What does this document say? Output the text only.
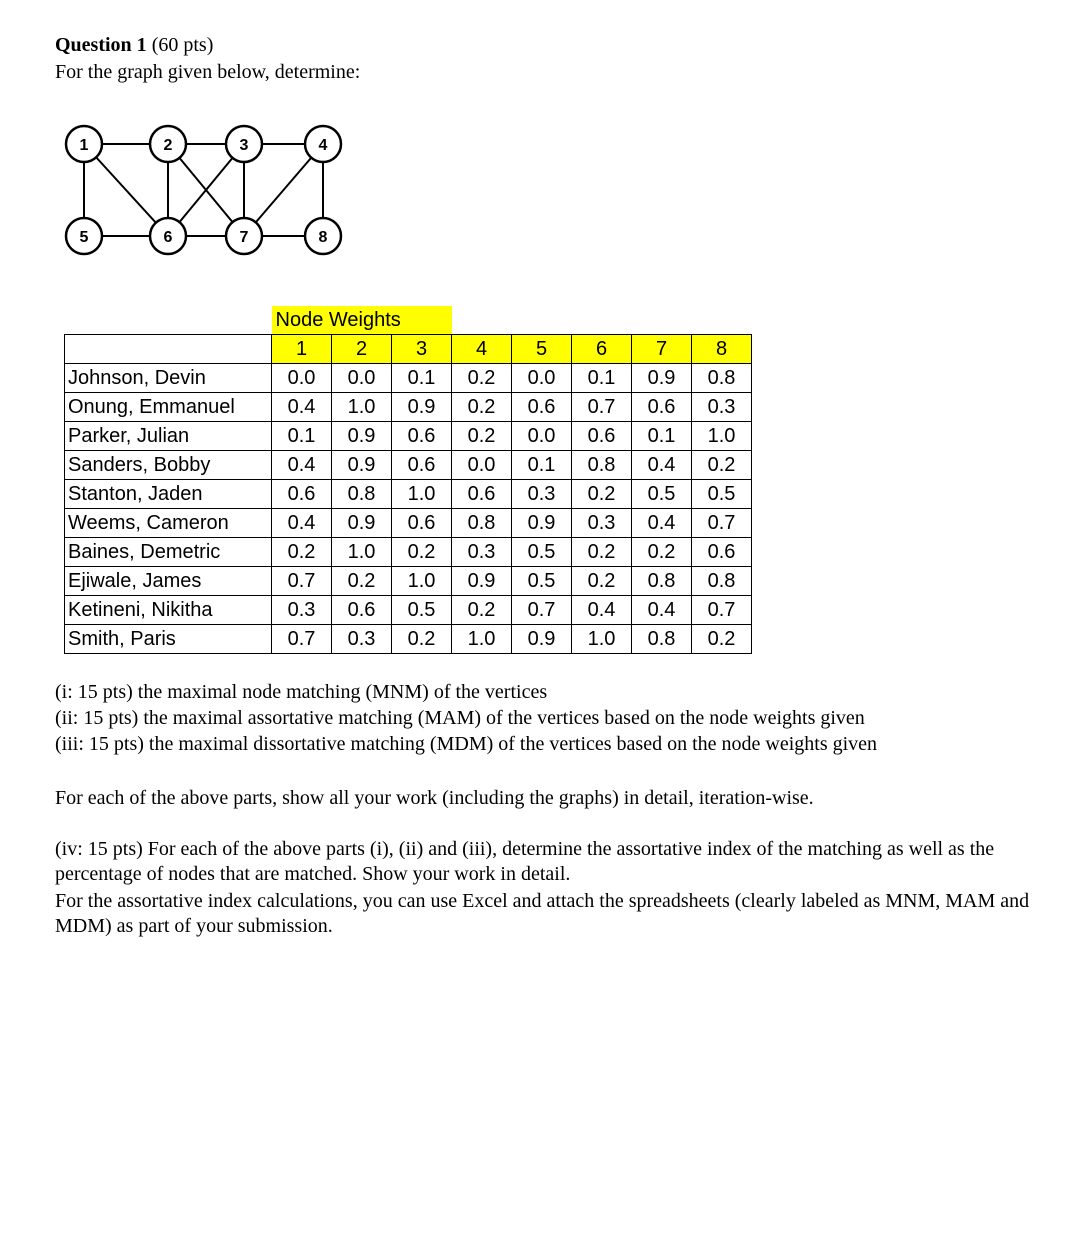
Question 1 (60 pts)
For the graph given below, determine:
1	2	3	4
5	6	7	8
	Node Weights							
	1	2	3	4	5	6	7	8
Johnson, Devin	0.0	0.0	0.1	0.2	0.0	0.1	0.9	0.8
Onung, Emmanuel	0.4	1.0	0.9	0.2	0.6	0.7	0.6	0.3
Parker, Julian	0.1	0.9	0.6	0.2	0.0	0.6	0.1	1.0
Sanders, Bobby	0.4	0.9	0.6	0.0	0.1	0.8	0.4	0.2
Stanton, Jaden	0.6	0.8	1.0	0.6	0.3	0.2	0.5	0.5
Weems, Cameron	0.4	0.9	0.6	0.8	0.9	0.3	0.4	0.7
Baines, Demetric	0.2	1.0	0.2	0.3	0.5	0.2	0.2	0.6
Ejiwale, James	0.7	0.2	1.0	0.9	0.5	0.2	0.8	0.8
Ketineni, Nikitha	0.3	0.6	0.5	0.2	0.7	0.4	0.4	0.7
Smith, Paris	0.7	0.3	0.2	1.0	0.9	1.0	0.8	0.2
(i: 15 pts) the maximal node matching (MNM) of the vertices
(ii: 15 pts) the maximal assortative matching (MAM) of the vertices based on the node weights given
(iii: 15 pts) the maximal dissortative matching (MDM) of the vertices based on the node weights given
For each of the above parts, show all your work (including the graphs) in detail, iteration-wise.
(iv: 15 pts) For each of the above parts (i), (ii) and (iii), determine the assortative index of the matching as well as the percentage of nodes that are matched. Show your work in detail.
For the assortative index calculations, you can use Excel and attach the spreadsheets (clearly labeled as MNM, MAM and MDM) as part of your submission.
